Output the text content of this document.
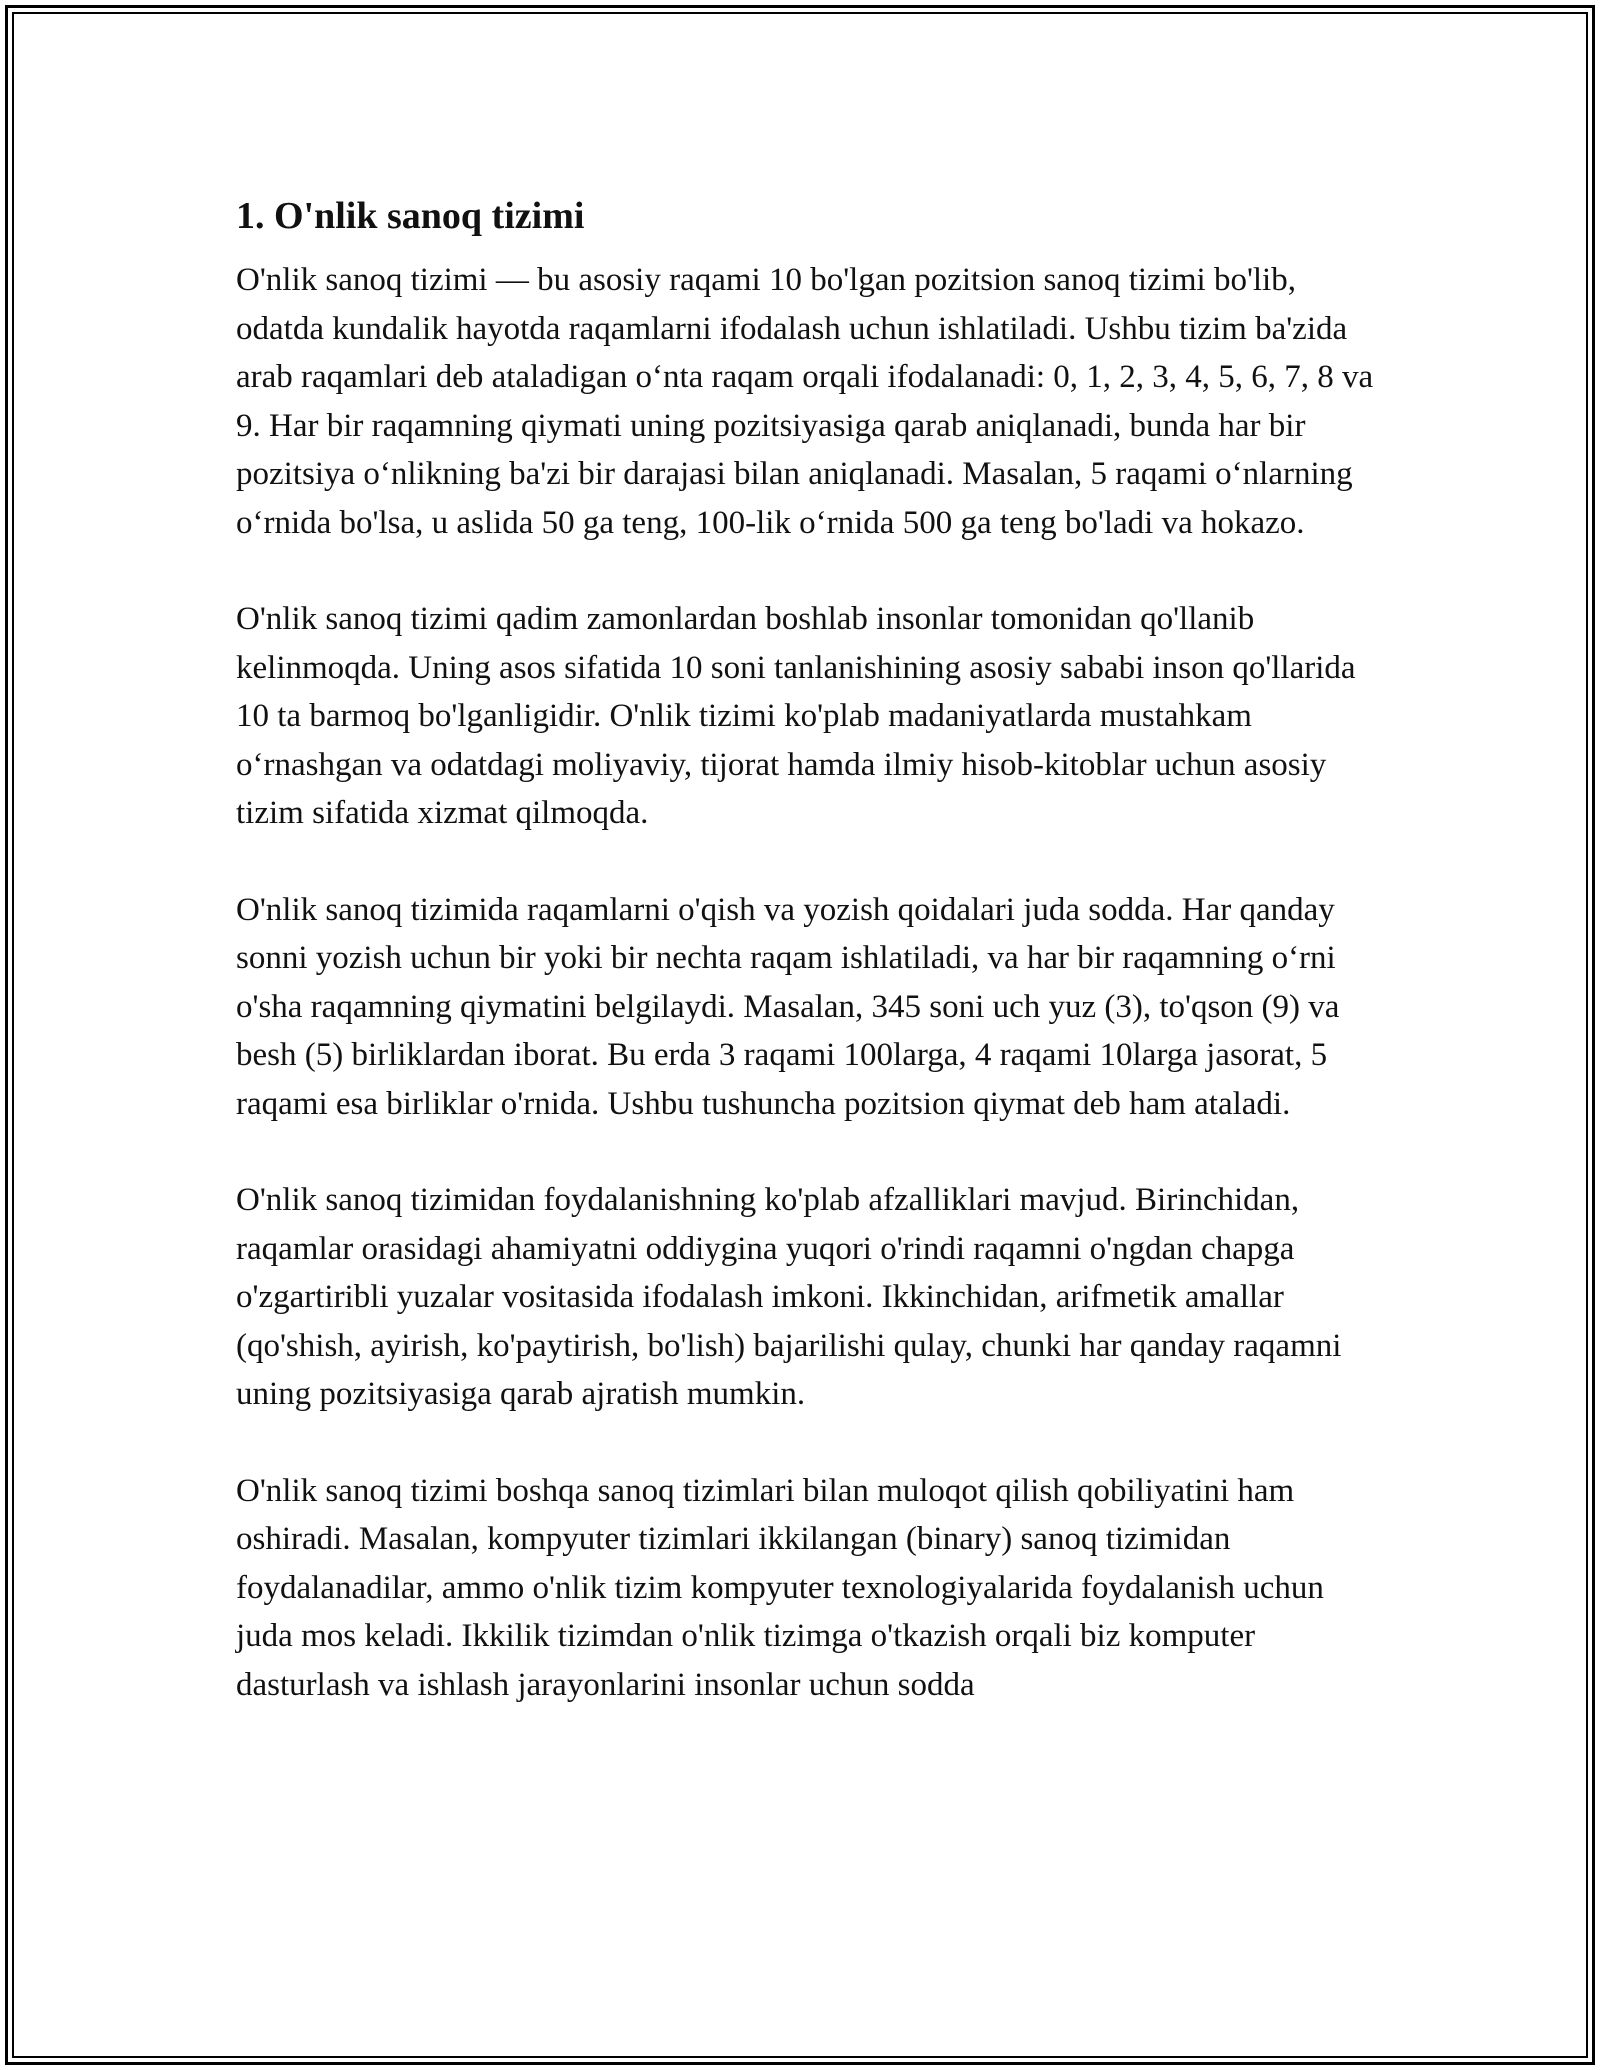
1. O'nlik sanoq tizimi

O'nlik sanoq tizimi — bu asosiy raqami 10 bo'lgan pozitsion sanoq tizimi bo'lib, odatda kundalik hayotda raqamlarni ifodalash uchun ishlatiladi. Ushbu tizim ba'zida arab raqamlari deb ataladigan o‘nta raqam orqali ifodalanadi: 0, 1, 2, 3, 4, 5, 6, 7, 8 va 9. Har bir raqamning qiymati uning pozitsiyasiga qarab aniqlanadi, bunda har bir pozitsiya o‘nlikning ba'zi bir darajasi bilan aniqlanadi. Masalan, 5 raqami o‘nlarning o‘rnida bo'lsa, u aslida 50 ga teng, 100-lik o‘rnida 500 ga teng bo'ladi va hokazo.

O'nlik sanoq tizimi qadim zamonlardan boshlab insonlar tomonidan qo'llanib kelinmoqda. Uning asos sifatida 10 soni tanlanishining asosiy sababi inson qo'llarida 10 ta barmoq bo'lganligidir. O'nlik tizimi ko'plab madaniyatlarda mustahkam o‘rnashgan va odatdagi moliyaviy, tijorat hamda ilmiy hisob-kitoblar uchun asosiy tizim sifatida xizmat qilmoqda.

O'nlik sanoq tizimida raqamlarni o'qish va yozish qoidalari juda sodda. Har qanday sonni yozish uchun bir yoki bir nechta raqam ishlatiladi, va har bir raqamning o‘rni o'sha raqamning qiymatini belgilaydi. Masalan, 345 soni uch yuz (3), to'qson (9) va besh (5) birliklardan iborat. Bu erda 3 raqami 100larga, 4 raqami 10larga jasorat, 5 raqami esa birliklar o'rnida. Ushbu tushuncha pozitsion qiymat deb ham ataladi.

O'nlik sanoq tizimidan foydalanishning ko'plab afzalliklari mavjud. Birinchidan, raqamlar orasidagi ahamiyatni oddiygina yuqori o'rindi raqamni o'ngdan chapga o'zgartiribli yuzalar vositasida ifodalash imkoni. Ikkinchidan, arifmetik amallar (qo'shish, ayirish, ko'paytirish, bo'lish) bajarilishi qulay, chunki har qanday raqamni uning pozitsiyasiga qarab ajratish mumkin.

O'nlik sanoq tizimi boshqa sanoq tizimlari bilan muloqot qilish qobiliyatini ham oshiradi. Masalan, kompyuter tizimlari ikkilangan (binary) sanoq tizimidan foydalanadilar, ammo o'nlik tizim kompyuter texnologiyalarida foydalanish uchun juda mos keladi. Ikkilik tizimdan o'nlik tizimga o'tkazish orqali biz komputer dasturlash va ishlash jarayonlarini insonlar uchun sodda
